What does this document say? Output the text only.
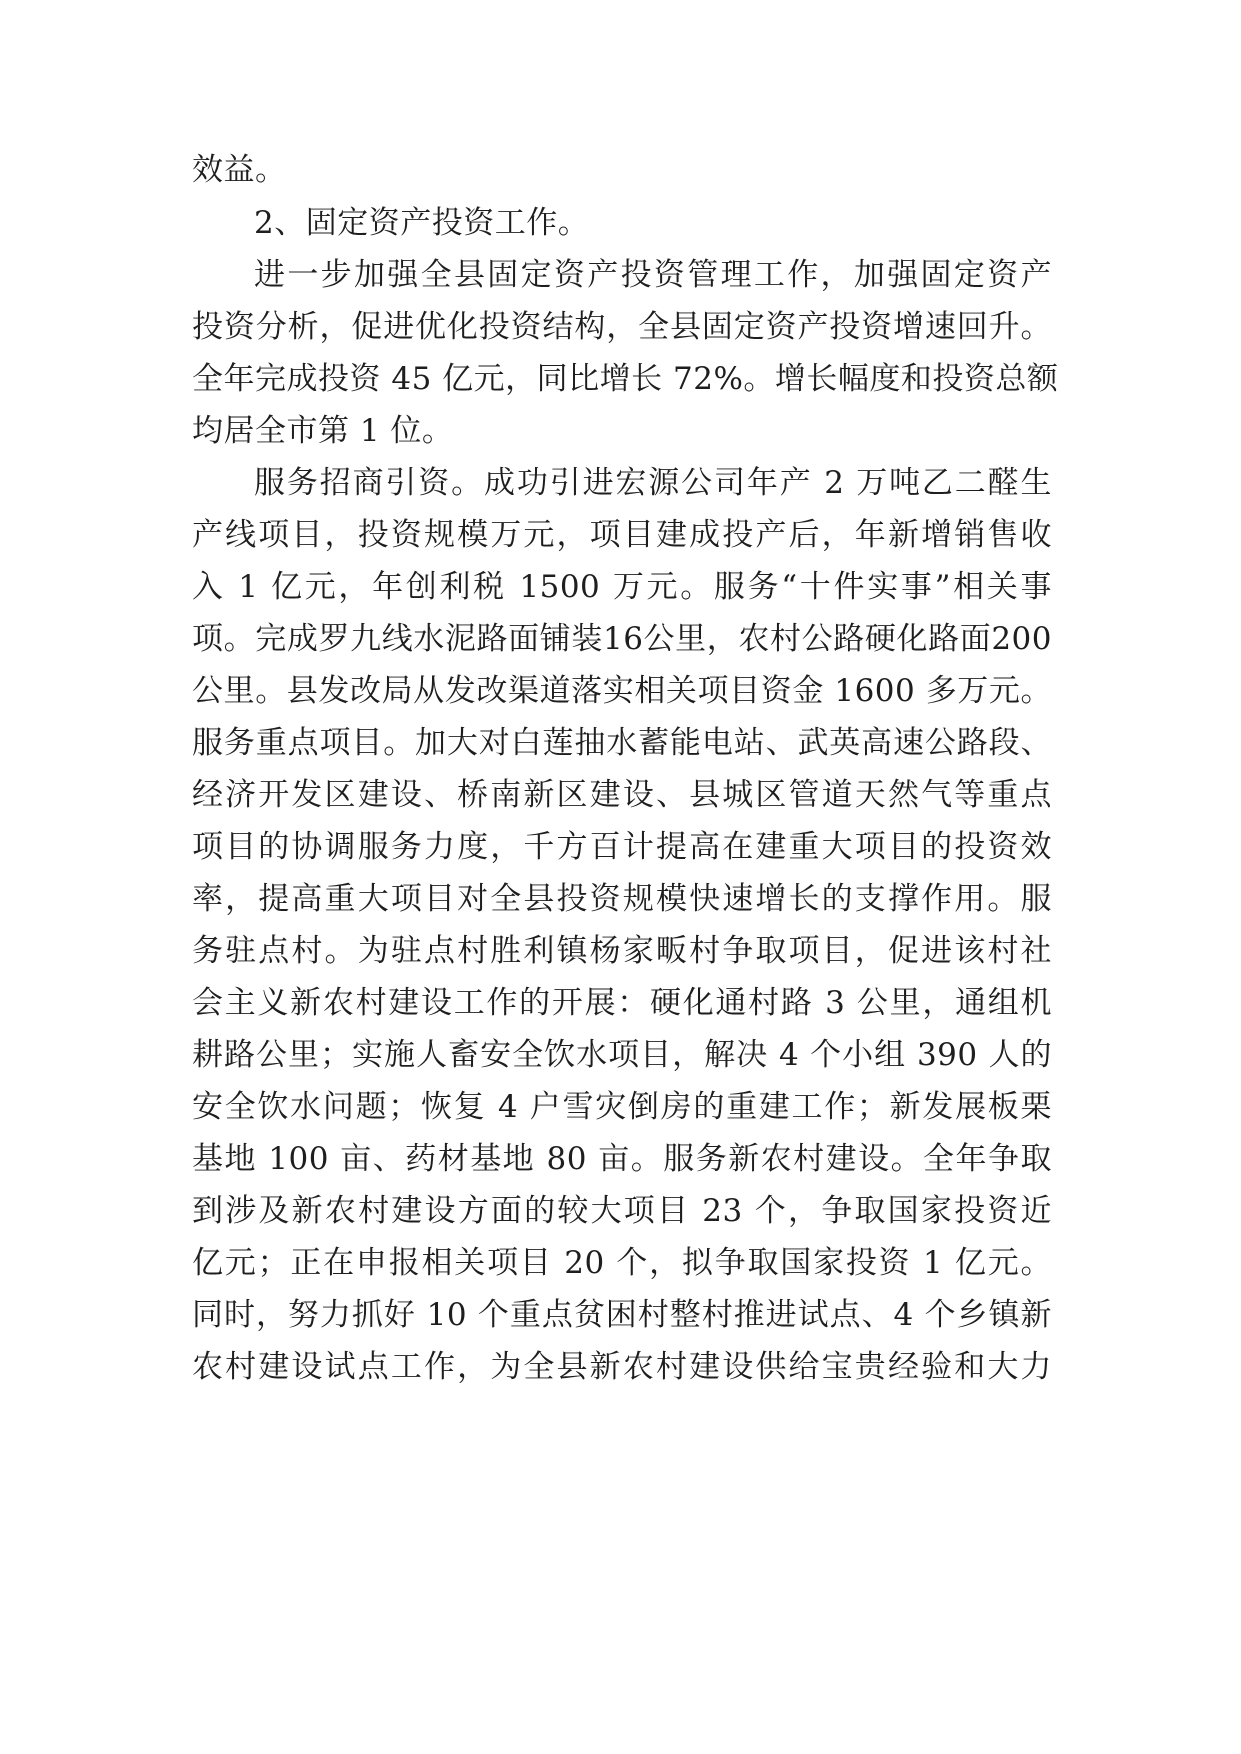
效益。
2、固定资产投资工作。
进一步加强全县固定资产投资管理工作，加强固定资产
投资分析，促进优化投资结构，全县固定资产投资增速回升。
全年完成投资 45 亿元，同比增长 72%。增长幅度和投资总额
均居全市第 1 位。
服务招商引资。成功引进宏源公司年产 2 万吨乙二醛生
产线项目，投资规模万元，项目建成投产后，年新增销售收
入 1 亿元，年创利税 1500 万元。服务“十件实事”相关事
项。完成罗九线水泥路面铺装16公里，农村公路硬化路面200
公里。县发改局从发改渠道落实相关项目资金 1600 多万元。
服务重点项目。加大对白莲抽水蓄能电站、武英高速公路段、
经济开发区建设、桥南新区建设、县城区管道天然气等重点
项目的协调服务力度，千方百计提高在建重大项目的投资效
率，提高重大项目对全县投资规模快速增长的支撑作用。服
务驻点村。为驻点村胜利镇杨家畈村争取项目，促进该村社
会主义新农村建设工作的开展：硬化通村路 3 公里，通组机
耕路公里；实施人畜安全饮水项目，解决 4 个小组 390 人的
安全饮水问题；恢复 4 户雪灾倒房的重建工作；新发展板栗
基地 100 亩、药材基地 80 亩。服务新农村建设。全年争取
到涉及新农村建设方面的较大项目 23 个，争取国家投资近
亿元；正在申报相关项目 20 个，拟争取国家投资 1 亿元。
同时，努力抓好 10 个重点贫困村整村推进试点、4 个乡镇新
农村建设试点工作，为全县新农村建设供给宝贵经验和大力
